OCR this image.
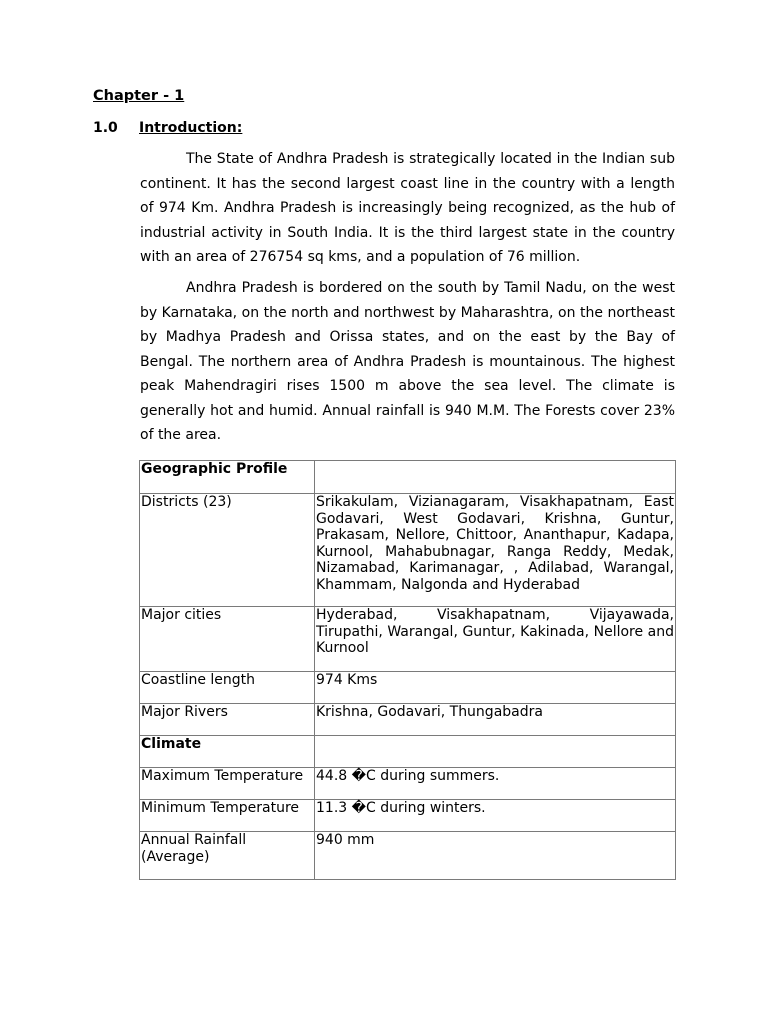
Chapter - 1
1.0 Introduction:

The State of Andhra Pradesh is strategically located in the Indian sub continent. It has the second largest coast line in the country with a length of 974 Km. Andhra Pradesh is increasingly being recognized, as the hub of industrial activity in South India. It is the third largest state in the country with an area of 276754 sq kms, and a population of 76 million.

Andhra Pradesh is bordered on the south by Tamil Nadu, on the west by Karnataka, on the north and northwest by Maharashtra, on the northeast by Madhya Pradesh and Orissa states, and on the east by the Bay of Bengal. The northern area of Andhra Pradesh is mountainous. The highest peak Mahendragiri rises 1500 m above the sea level. The climate is generally hot and humid. Annual rainfall is 940 M.M. The Forests cover 23% of the area.

Geographic Profile	

Districts (23)	Srikakulam, Vizianagaram, Visakhapatnam, East Godavari, West Godavari, Krishna, Guntur, Prakasam, Nellore, Chittoor, Ananthapur, Kadapa, Kurnool, Mahabubnagar, Ranga Reddy, Medak, Nizamabad, Karimanagar, , Adilabad, Warangal, Khammam, Nalgonda and Hyderabad

Major cities	Hyderabad, Visakhapatnam, Vijayawada, Tirupathi, Warangal, Guntur, Kakinada, Nellore and Kurnool

Coastline length	974 Kms

Major Rivers	Krishna, Godavari, Thungabadra

Climate	

Maximum Temperature	44.8 �C during summers.

Minimum Temperature	11.3 �C during winters.

Annual Rainfall (Average)	940 mm
